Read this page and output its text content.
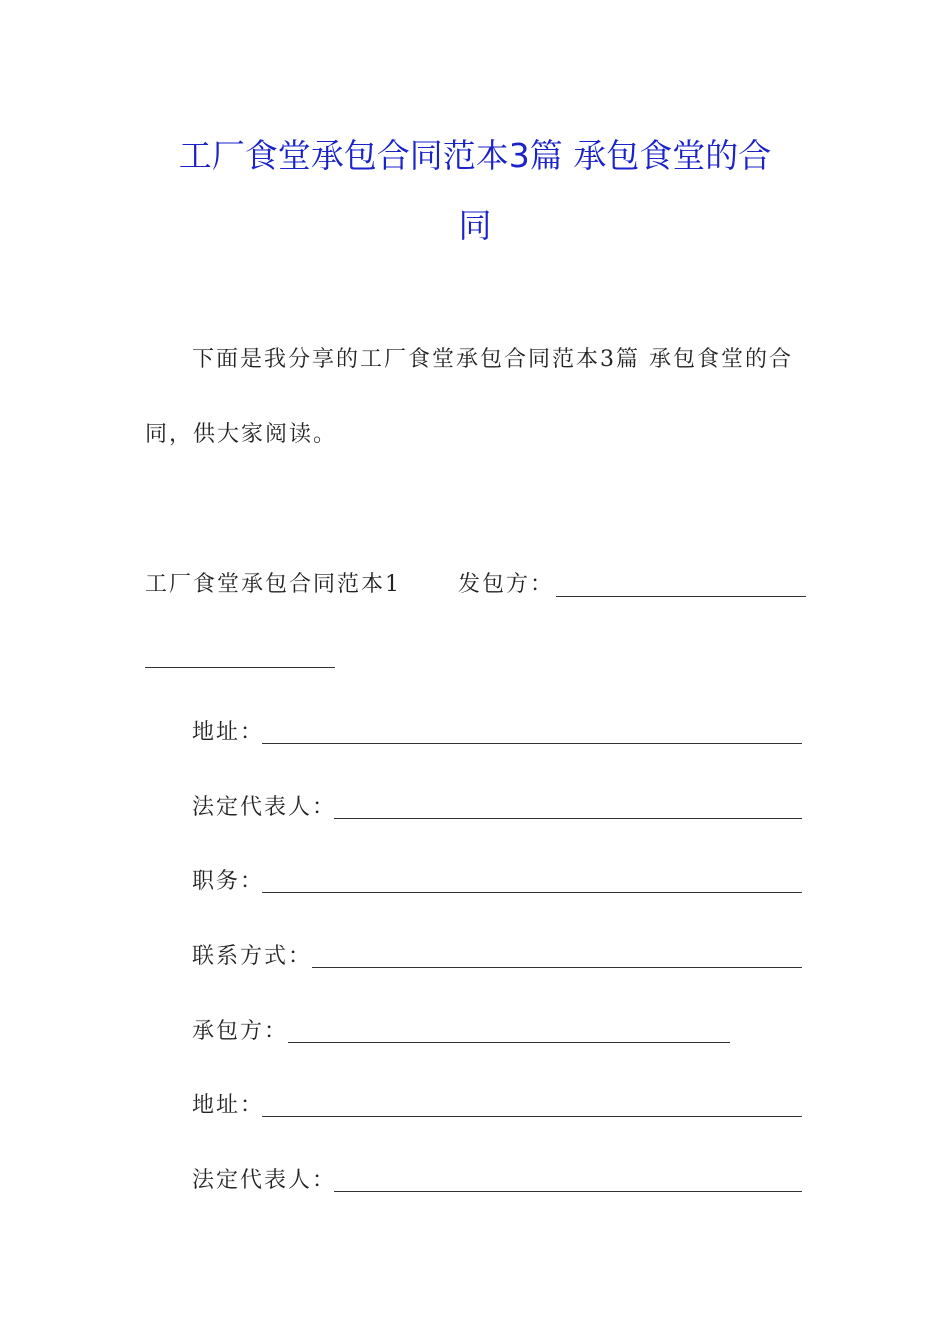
工厂食堂承包合同范本3篇 承包食堂的合
同
下面是我分享的工厂食堂承包合同范本3篇 承包食堂的合
同，供大家阅读。
工厂食堂承包合同范本1	发包方：
地址：
法定代表人：
职务：
联系方式：
承包方：
地址：
法定代表人：
